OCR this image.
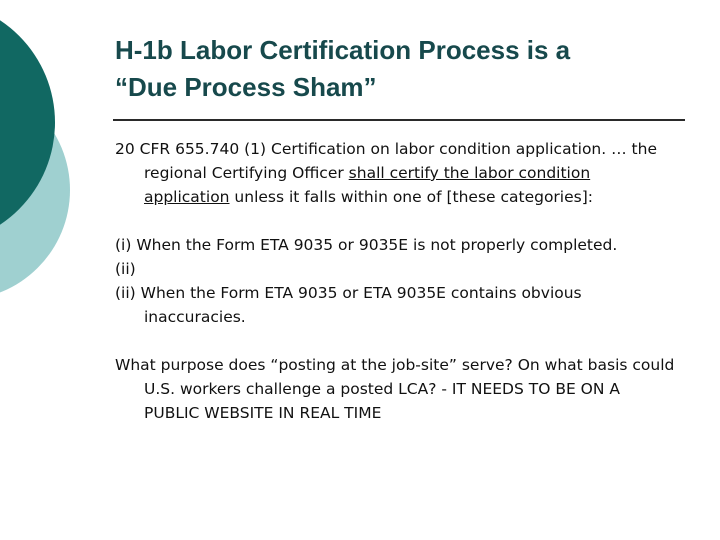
H-1b Labor Certification Process is a
“Due Process Sham”

20 CFR 655.740 (1) Certification on labor condition application. … the regional Certifying Officer shall certify the labor condition application unless it falls within one of [these categories]:

(i) When the Form ETA 9035 or 9035E is not properly completed.

(ii)

(ii) When the Form ETA 9035 or ETA 9035E contains obvious inaccuracies.

What purpose does “posting at the job-site” serve? On what basis could U.S. workers challenge a posted LCA? - IT NEEDS TO BE ON A PUBLIC WEBSITE IN REAL TIME
